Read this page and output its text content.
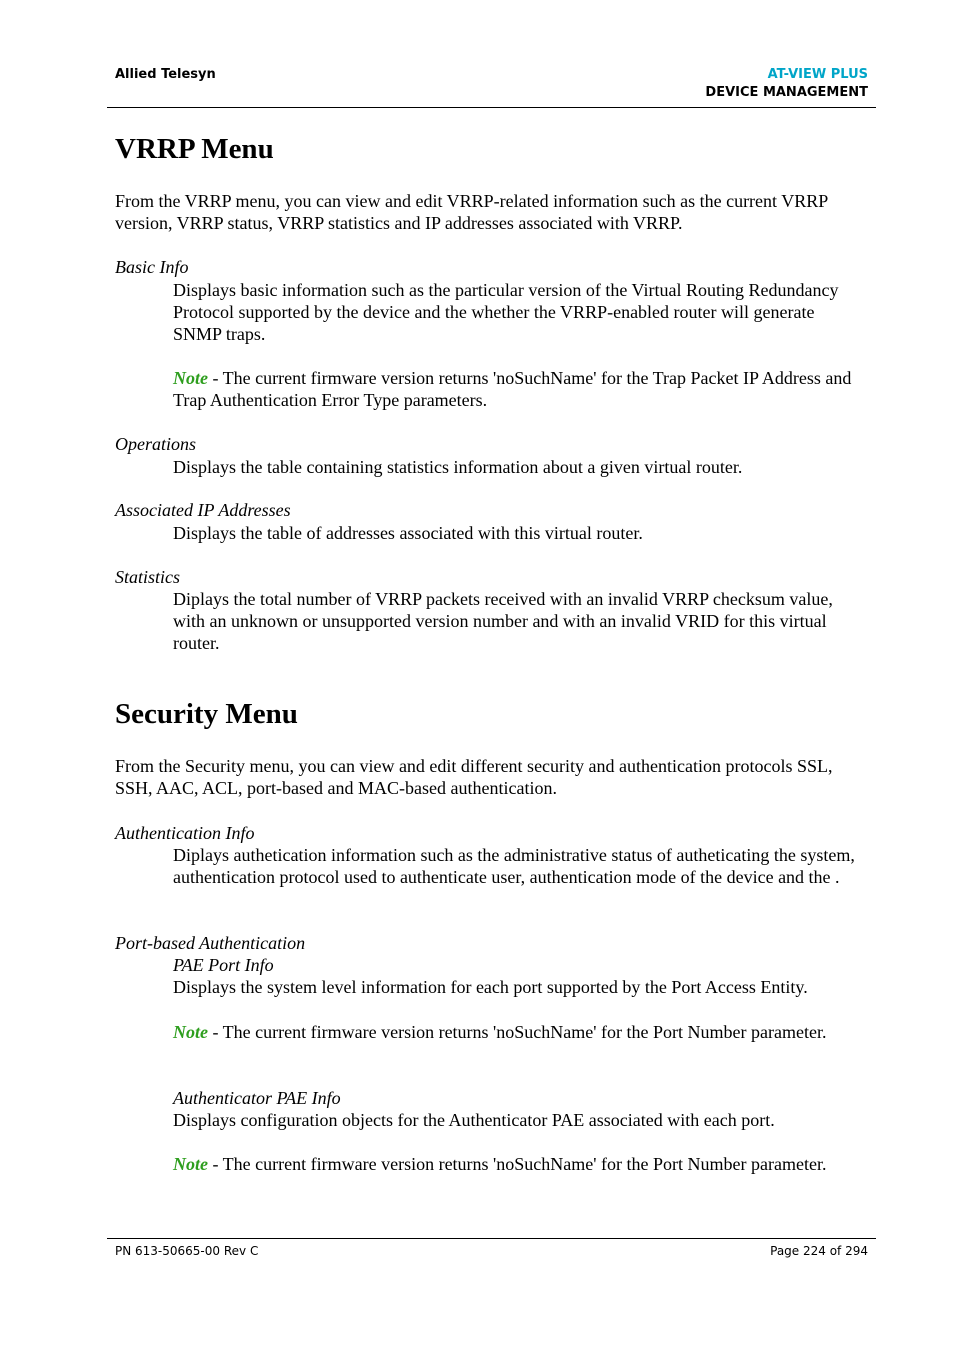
Allied Telesyn	AT-VIEW PLUS
DEVICE MANAGEMENT
VRRP Menu
From the VRRP menu, you can view and edit VRRP-related information such as the current VRRP version, VRRP status, VRRP statistics and IP addresses associated with VRRP.
Basic Info
Displays basic information such as the particular version of the Virtual Routing Redundancy Protocol supported by the device and the whether the VRRP-enabled router will generate SNMP traps.
Note - The current firmware version returns 'noSuchName' for the Trap Packet IP Address and Trap Authentication Error Type parameters.
Operations
Displays the table containing statistics information about a given virtual router.
Associated IP Addresses
Displays the table of addresses associated with this virtual router.
Statistics
Diplays the total number of VRRP packets received with an invalid VRRP checksum value, with an unknown or unsupported version number and with an invalid VRID for this virtual router.
Security Menu
From the Security menu, you can view and edit different security and authentication protocols SSL, SSH, AAC, ACL, port-based and MAC-based authentication.
Authentication Info
Diplays authetication information such as the administrative status of autheticating the system, authentication protocol used to authenticate user, authentication mode of the device and the .
Port-based Authentication
PAE Port Info
Displays the system level information for each port supported by the Port Access Entity.
Note - The current firmware version returns 'noSuchName' for the Port Number parameter.
Authenticator PAE Info
Displays configuration objects for the Authenticator PAE associated with each port.
Note - The current firmware version returns 'noSuchName' for the Port Number parameter.
PN 613-50665-00 Rev C	Page 224 of 294
